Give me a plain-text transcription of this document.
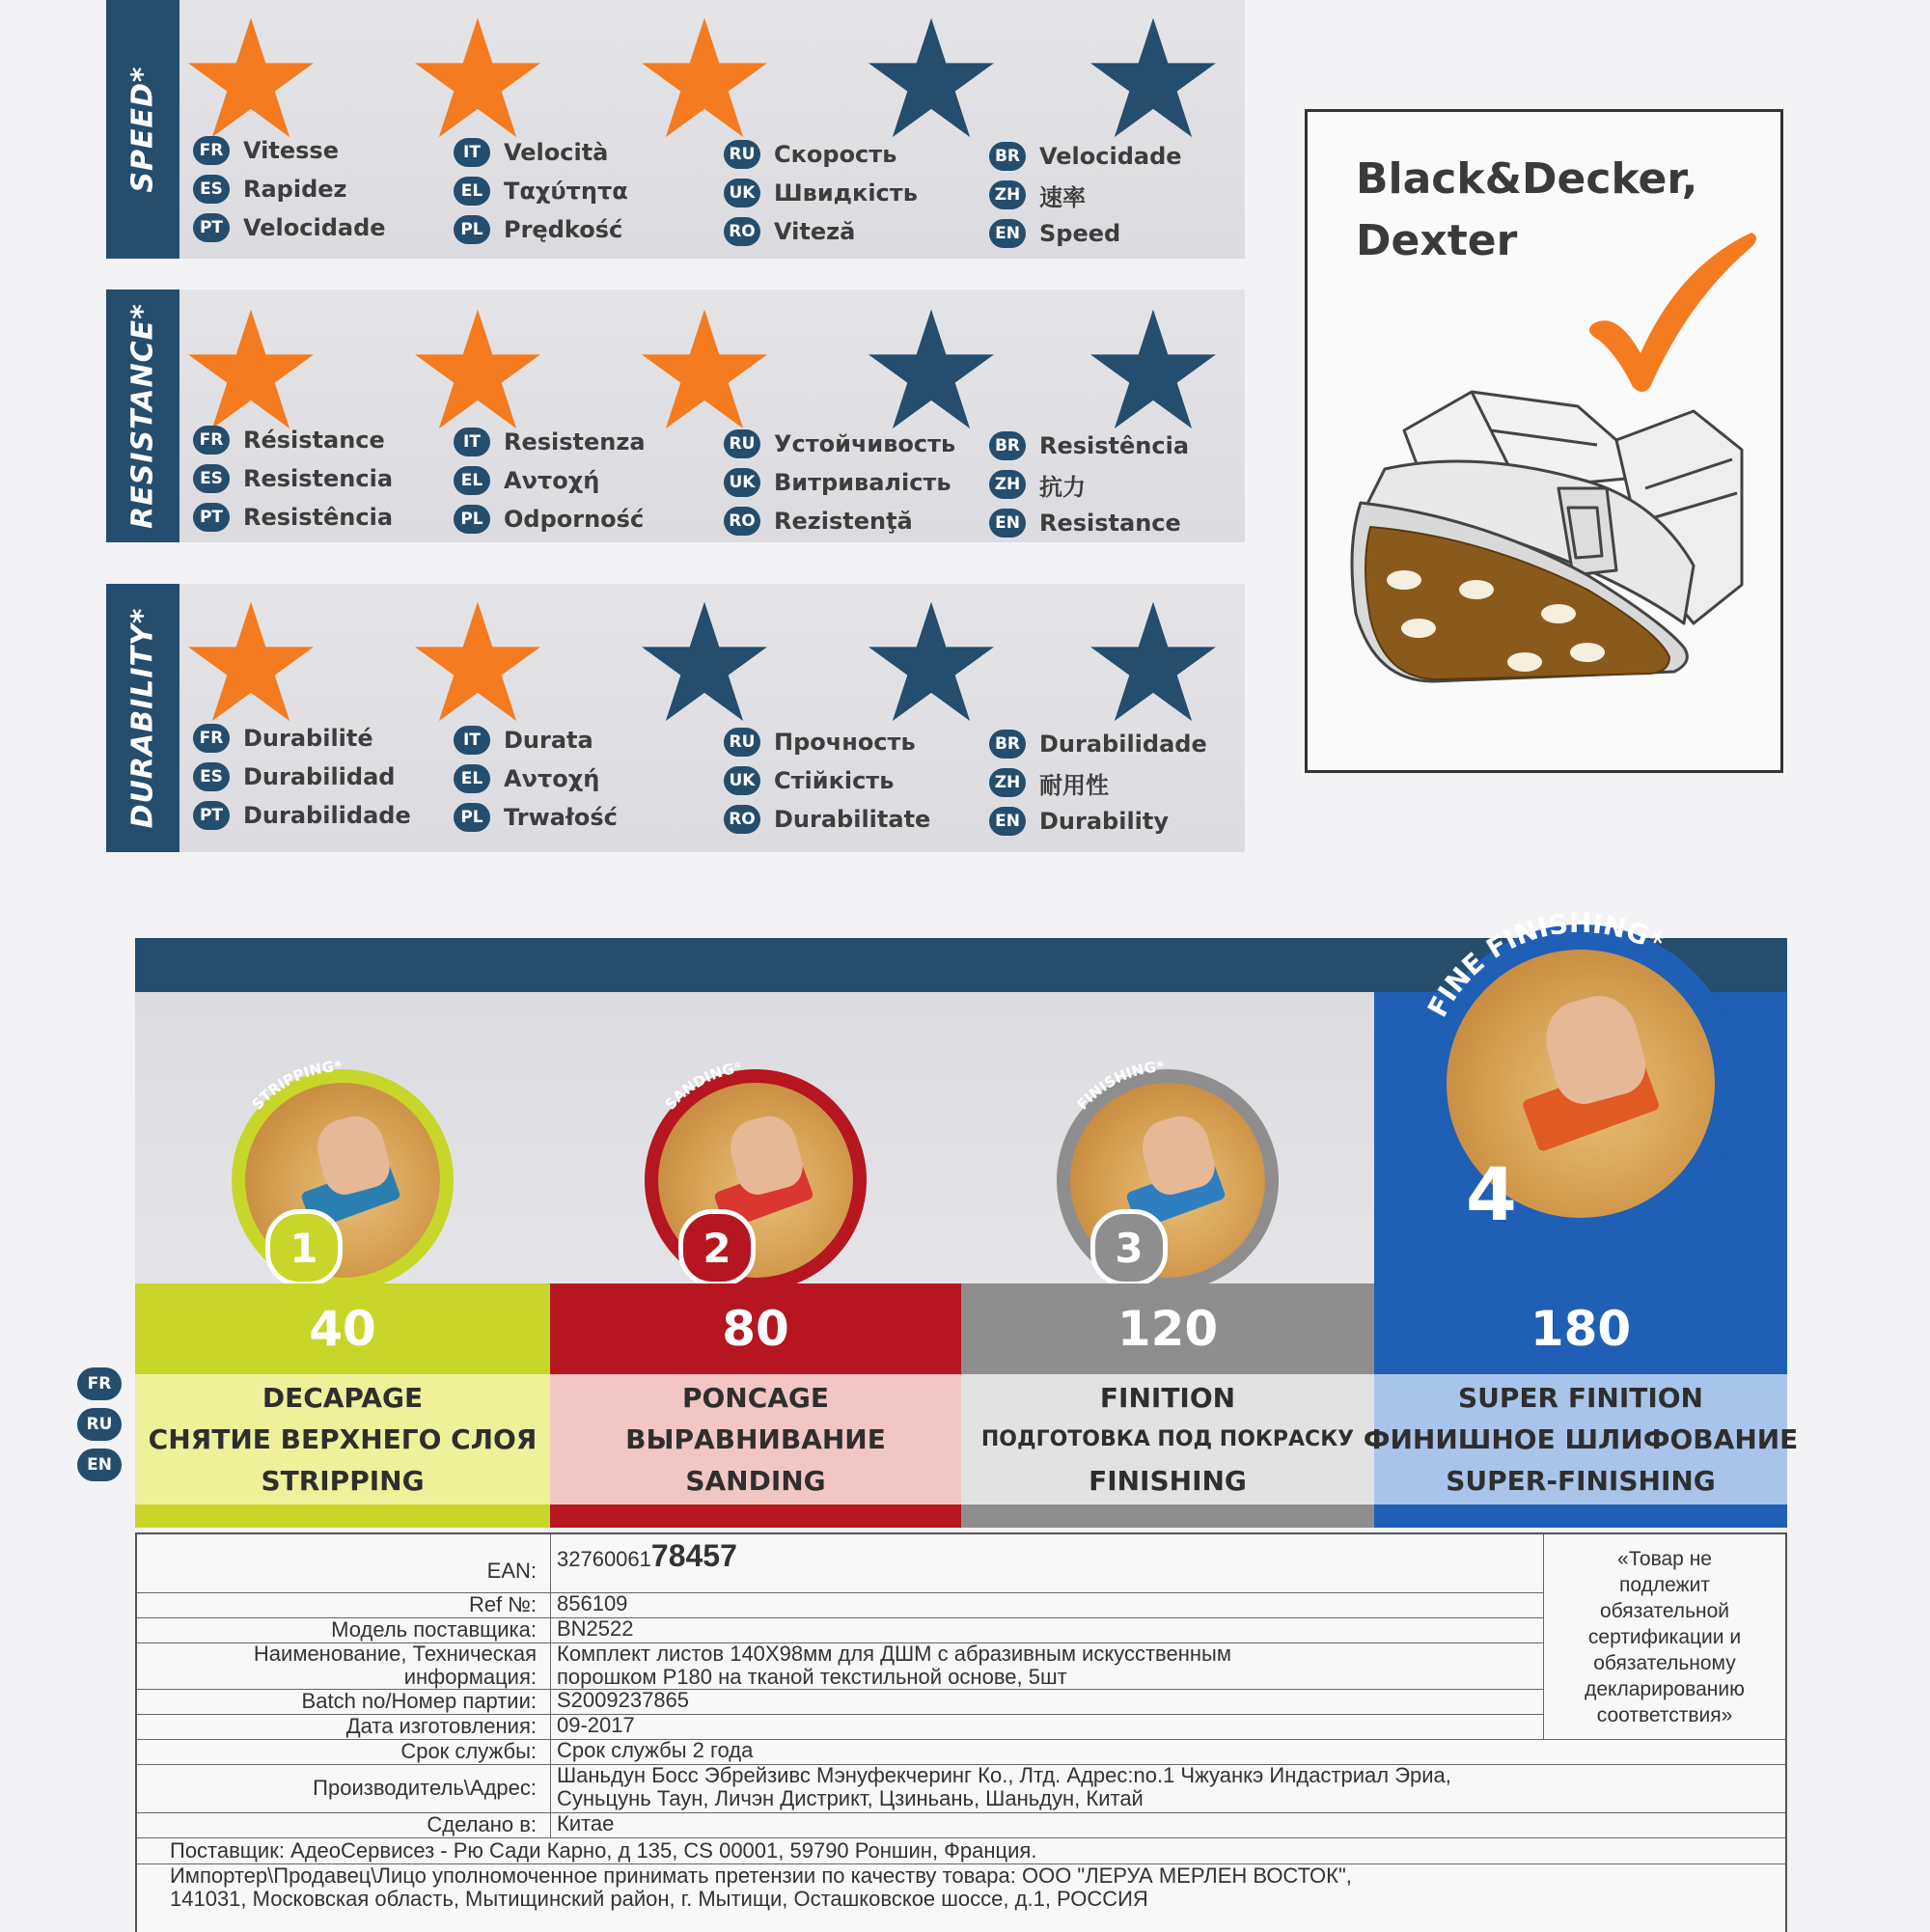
SPEED*	FR Vitesse
ES Rapidez
PT Velocidade
IT	Velocità
EL Ταχύτητα
PL Prędkość
RU Скорость
UK Швидкість
RO Viteză
BR Velocidade
ZH 速率
EN Speed
RESISTANCE*	FR Résistance
ES Resistencia
PT Resistência
IT	Resistenza
EL Αντοχή
PL Odporność
RU Устойчивость
UK Витривалість
RO Rezistenţă
BR Resistência
ZH 抗力
EN Resistance
DURABILITY*	FR Durabilité
ES Durabilidad
PT Durabilidade
IT	Durata
EL Αντοχή
PL Trwałość
RU Прочность
UK Стійкість
RO Durabilitate
BR Durabilidade
ZH 耐用性
EN Durability
Black&Decker,
Dexter
1
STRIPPING*
40
DECAPAGE
СНЯТИЕ ВЕРХНЕГО СЛОЯ
STRIPPING
2
SANDING*
80
PONCAGE
ВЫРАВНИВАНИЕ
SANDING
3
FINISHING*
120
FINITION
ПОДГОТОВКА ПОД ПОКРАСКУ
FINISHING
4
FINE FINISHING*
180
SUPER FINITION
ФИНИШНОЕ ШЛИФОВАНИЕ
SUPER-FINISHING
FR
RU
EN
«Товар не
подлежит
обязательной
сертификации и
обязательному
декларированию
соответствия»
EAN: 3276006178457
Ref №: 856109
Модель поставщика: BN2522
Наименование, Техническая
информация:
Комплект листов 140Х98мм для ДШМ с абразивным искусственным
порошком P180 на тканой текстильной основе, 5шт
Batch no/Номер партии: S2009237865
Дата изготовления: 09-2017
Срок службы: Срок службы 2 года
Производитель\Адрес:
Шаньдун Босс Эбрейзивс Мэнуфекчеринг Ко., Лтд. Адрес:no.1 Чжуанкэ Индастриал Эриа,
Суньцунь Таун, Личэн Дистрикт, Цзиньань, Шаньдун, Китай
Сделано в: Китае
Поставщик: АдеоСервисез - Рю Сади Карно, д 135, CS 00001, 59790 Роншин, Франция.
Импортер\Продавец\Лицо уполномоченное принимать претензии по качеству товара: ООО "ЛЕРУА МЕРЛЕН ВОСТОК",
141031, Московская область, Мытищинский район, г. Мытищи, Осташковское шоссе, д.1, РОССИЯ
